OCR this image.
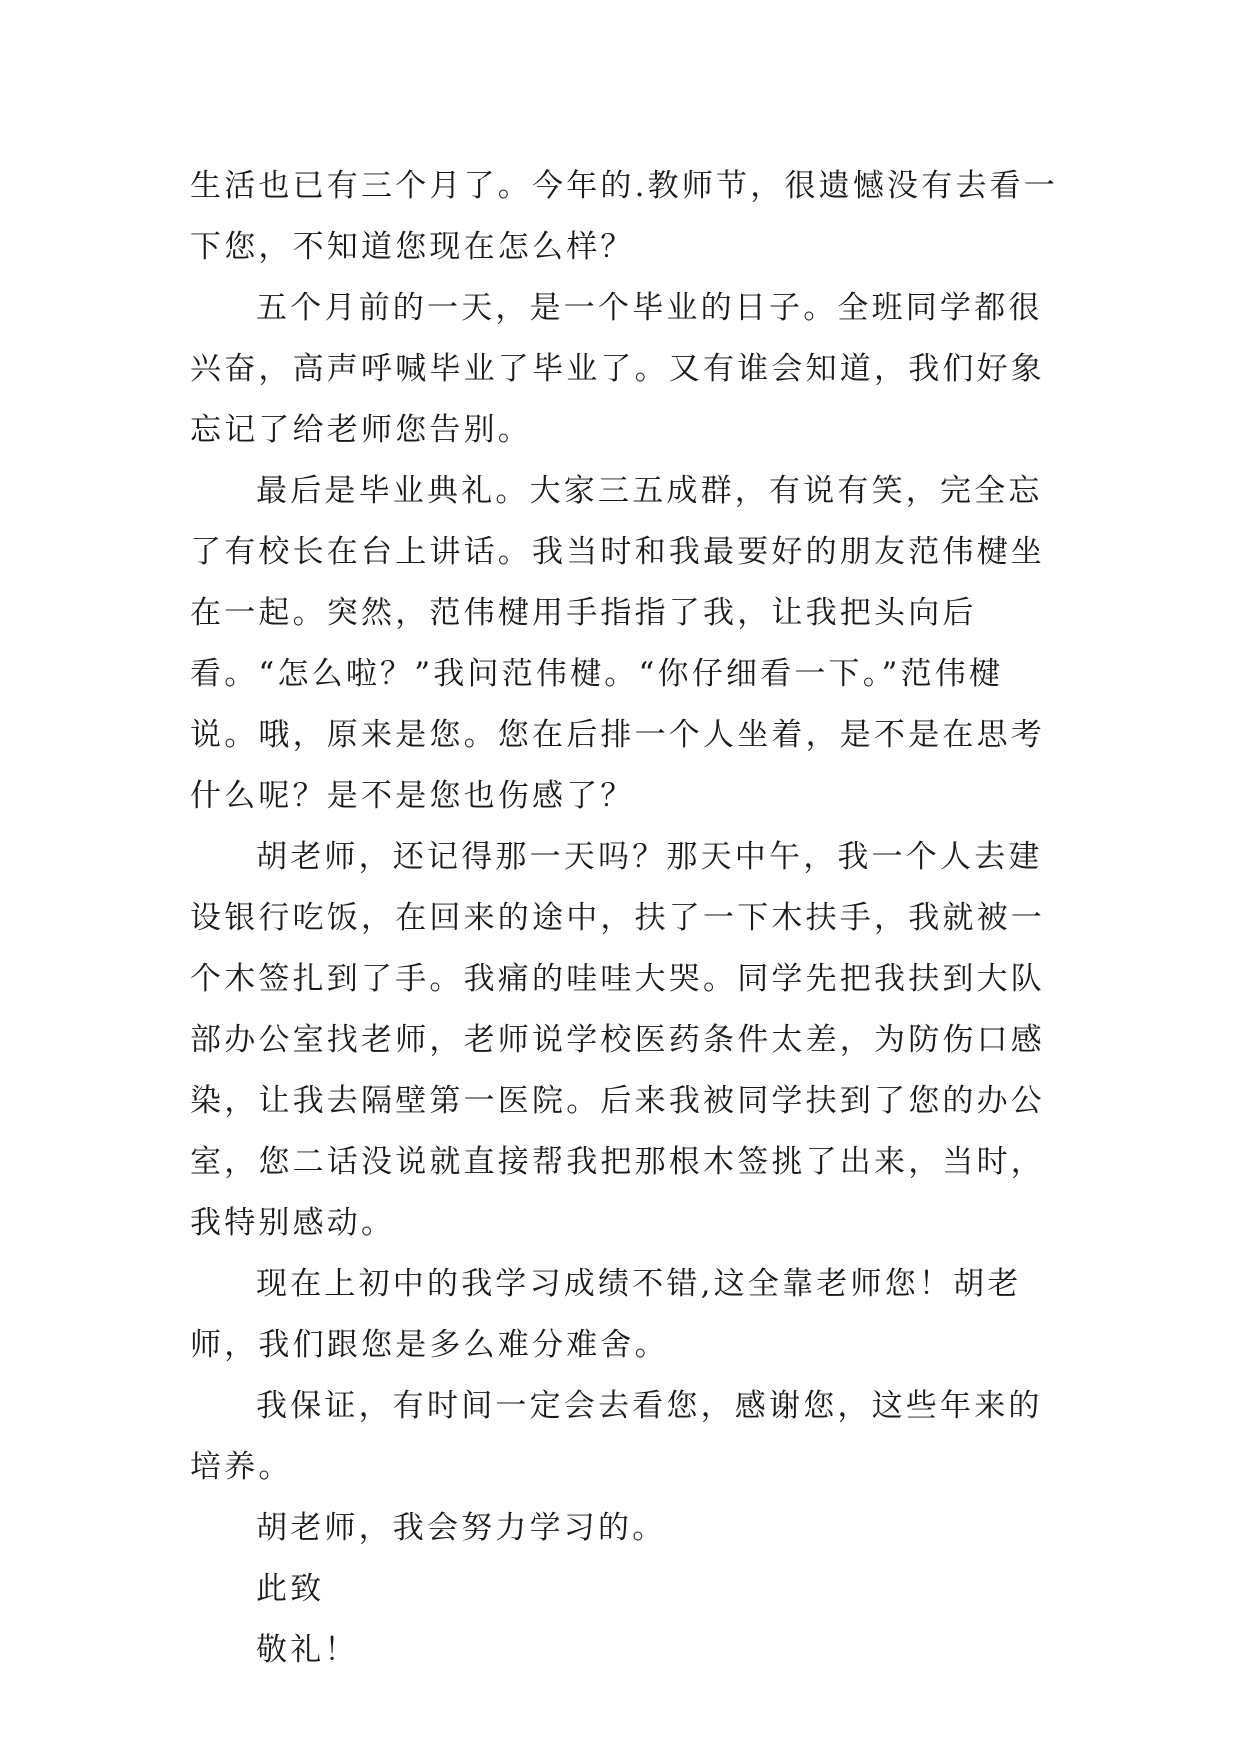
生活也已有三个月了。今年的.教师节，很遗憾没有去看一下您，不知道您现在怎么样？

五个月前的一天，是一个毕业的日子。全班同学都很兴奋，高声呼喊毕业了毕业了。又有谁会知道，我们好象忘记了给老师您告别。

最后是毕业典礼。大家三五成群，有说有笑，完全忘了有校长在台上讲话。我当时和我最要好的朋友范伟楗坐在一起。突然，范伟楗用手指指了我，让我把头向后看。“怎么啦？”我问范伟楗。“你仔细看一下。”范伟楗说。哦，原来是您。您在后排一个人坐着，是不是在思考什么呢？是不是您也伤感了？

胡老师，还记得那一天吗？那天中午，我一个人去建设银行吃饭，在回来的途中，扶了一下木扶手，我就被一个木签扎到了手。我痛的哇哇大哭。同学先把我扶到大队部办公室找老师，老师说学校医药条件太差，为防伤口感染，让我去隔壁第一医院。后来我被同学扶到了您的办公室，您二话没说就直接帮我把那根木签挑了出来，当时，我特别感动。

现在上初中的我学习成绩不错,这全靠老师您！胡老师，我们跟您是多么难分难舍。

我保证，有时间一定会去看您，感谢您，这些年来的培养。

胡老师，我会努力学习的。

此致

敬礼！
